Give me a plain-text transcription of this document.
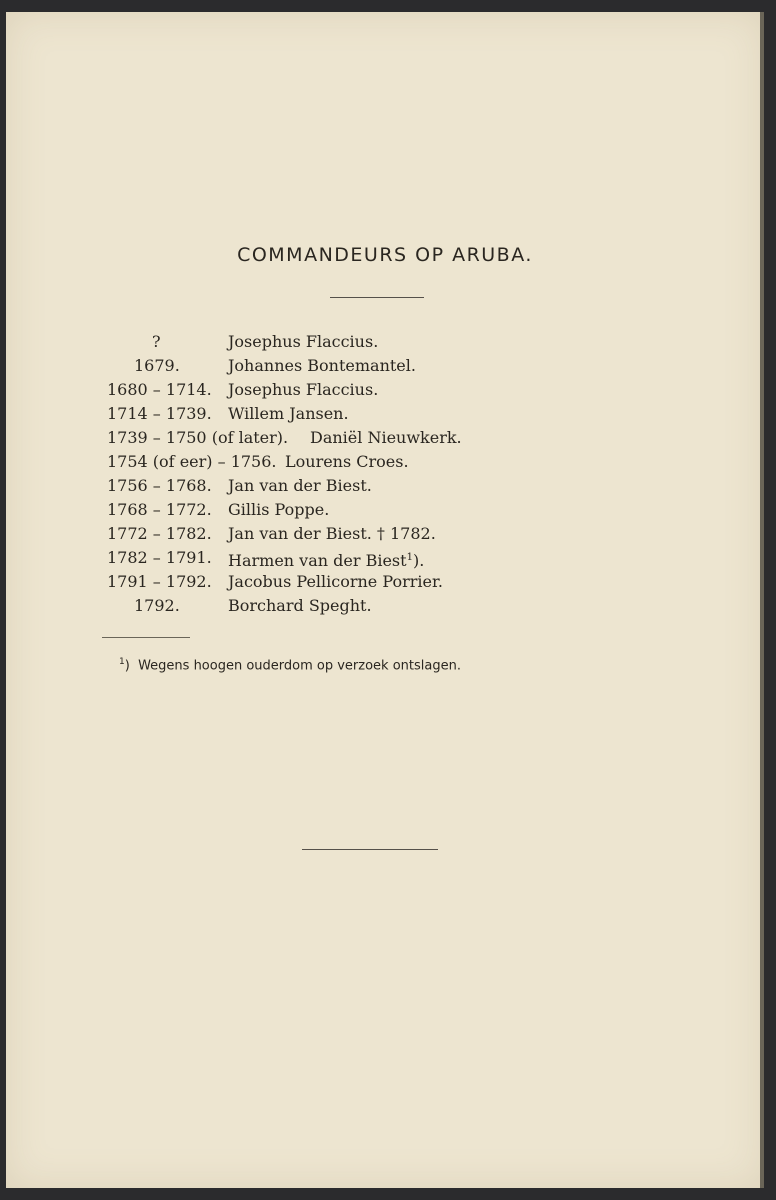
COMMANDEURS OP ARUBA.
?	Josephus Flaccius.
1679.	Johannes Bontemantel.
1680 – 1714. Josephus Flaccius.
1714 – 1739. Willem Jansen.
1739 – 1750 (of later). Daniël Nieuwkerk.
1754 (of eer) – 1756. Lourens Croes.
1756 – 1768. Jan van der Biest.
1768 – 1772. Gillis Poppe.
1772 – 1782. Jan van der Biest. † 1782.
1782 – 1791. Harmen van der Biest$^1$).
1791 – 1792. Jacobus Pellicorne Porrier.
1792.	Borchard Speght.
$^1$) Wegens hoogen ouderdom op verzoek ontslagen.
